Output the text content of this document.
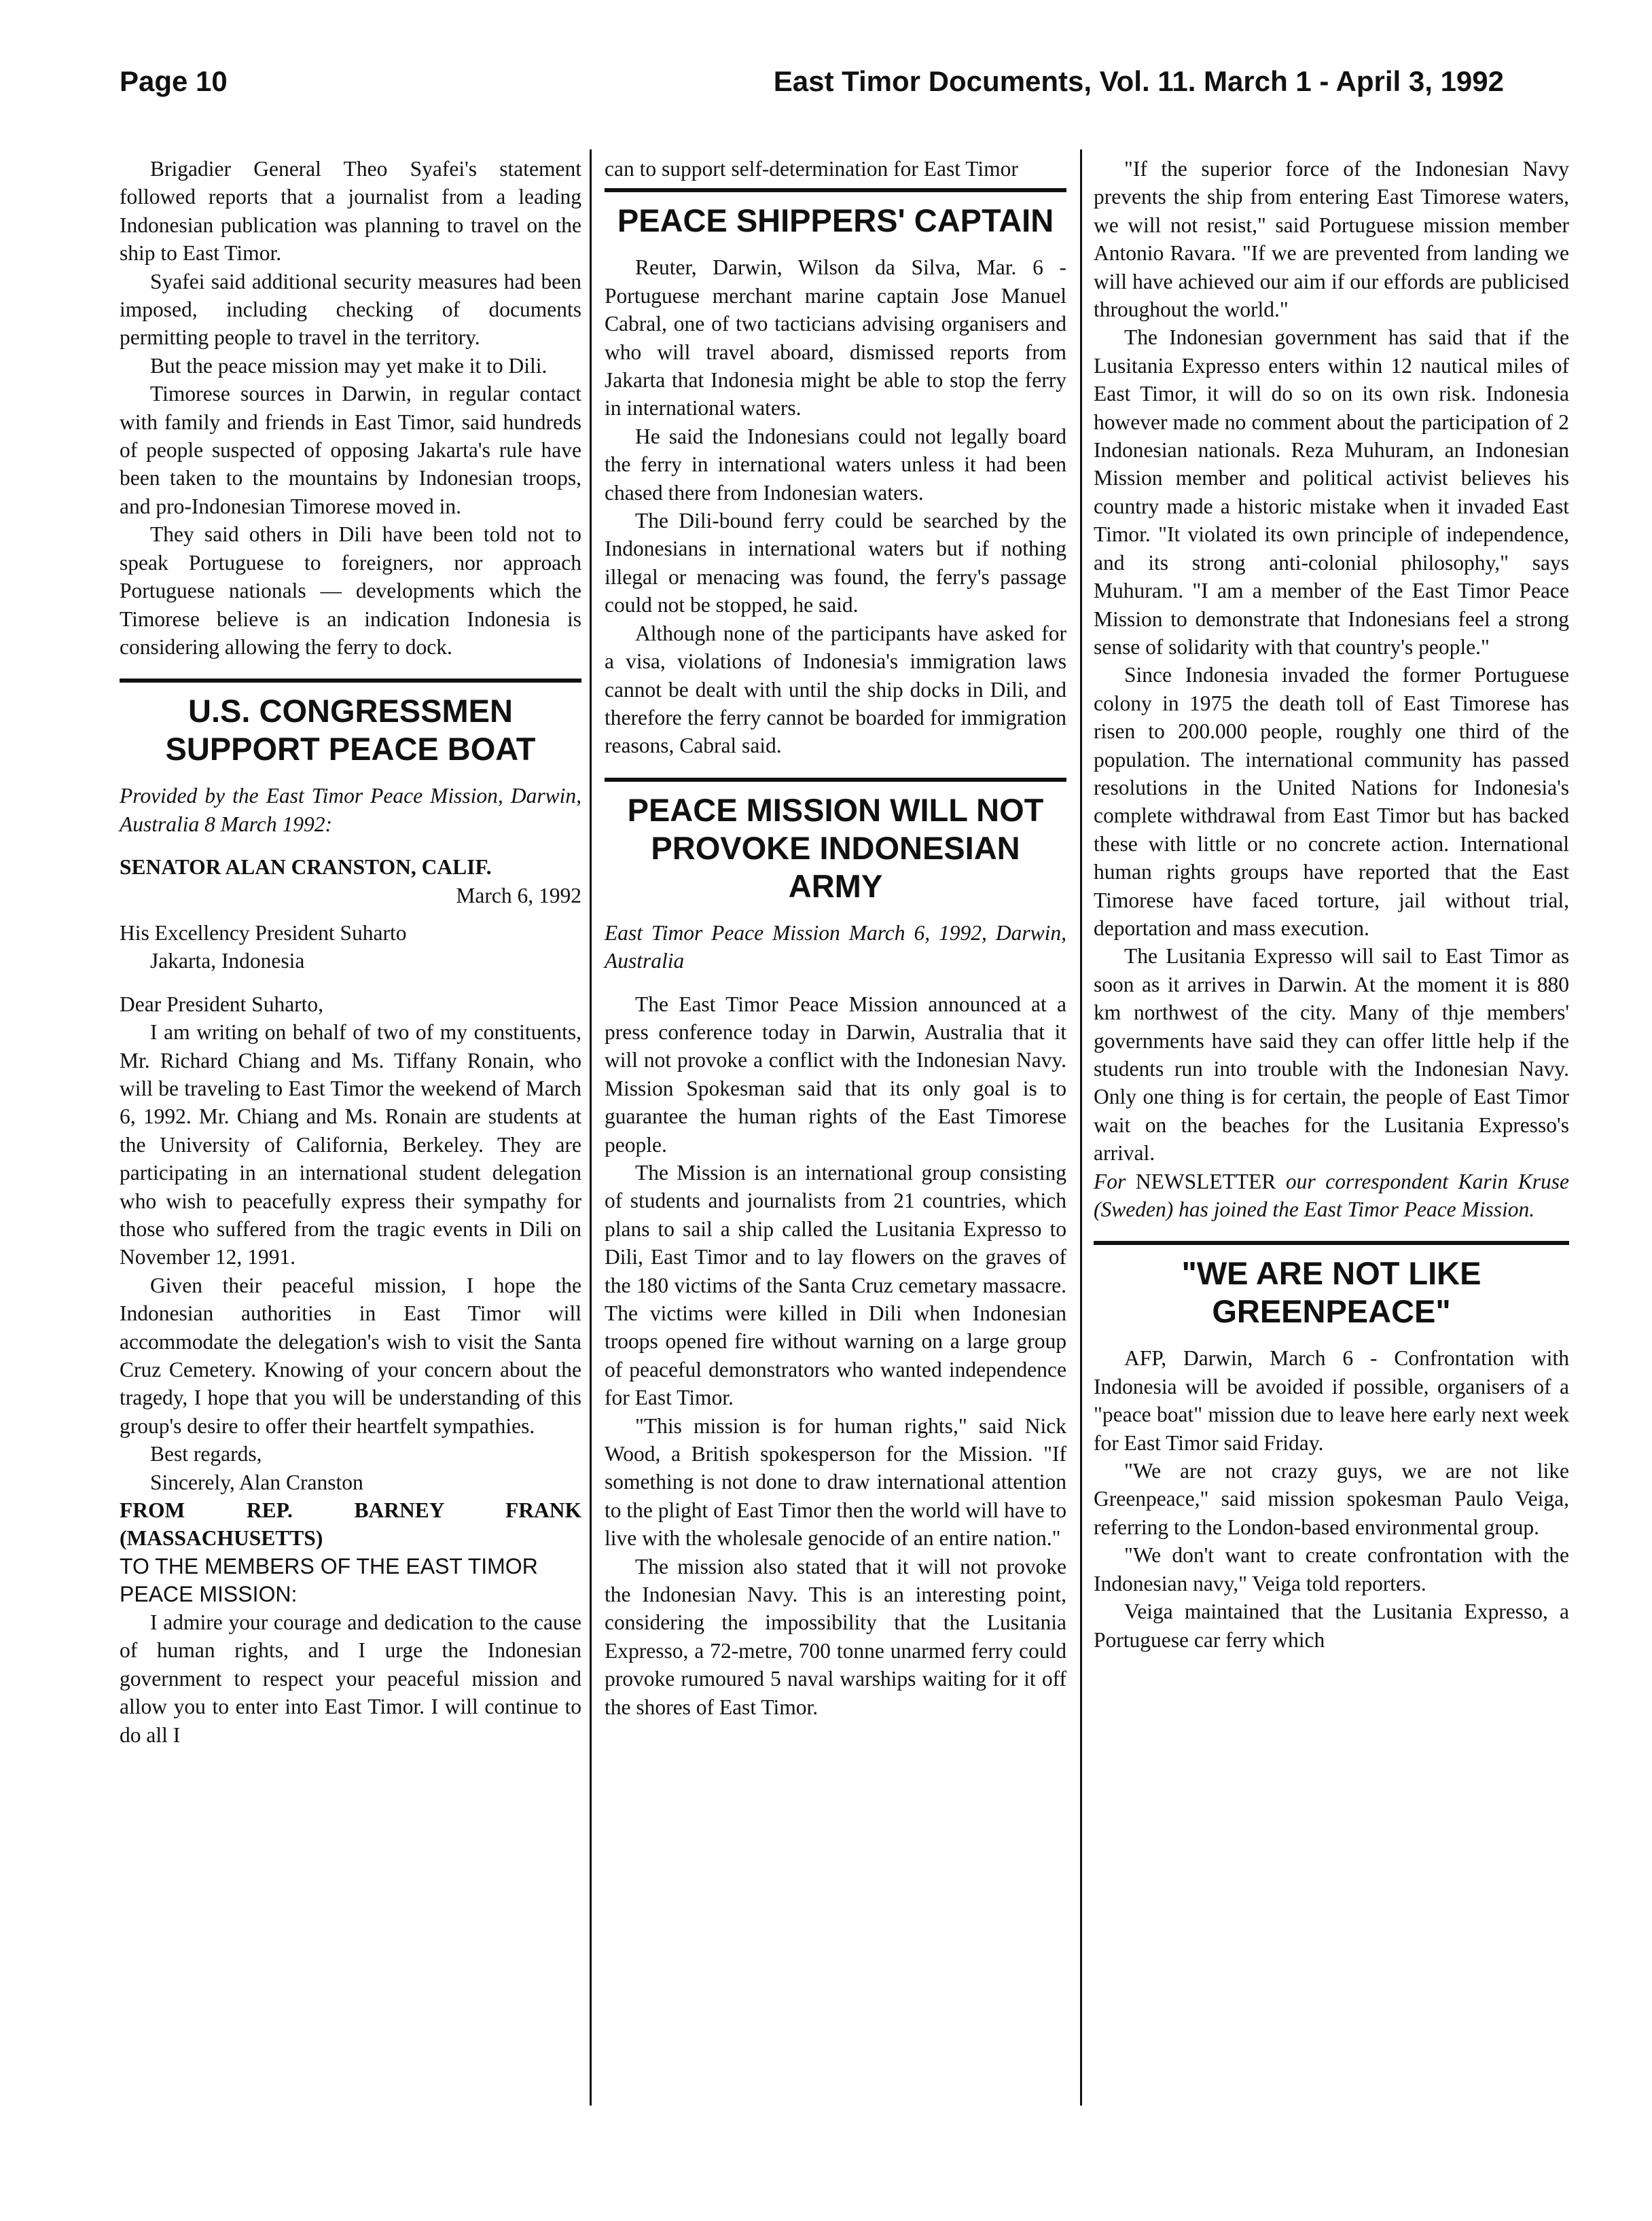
Page 10	East Timor Documents, Vol. 11. March 1 - April 3, 1992

Brigadier General Theo Syafei's statement followed reports that a journalist from a leading Indonesian publication was planning to travel on the ship to East Timor.

Syafei said additional security measures had been imposed, including checking of documents permitting people to travel in the territory.

But the peace mission may yet make it to Dili.

Timorese sources in Darwin, in regular contact with family and friends in East Timor, said hundreds of people suspected of opposing Jakarta's rule have been taken to the mountains by Indonesian troops, and pro-Indonesian Timorese moved in.

They said others in Dili have been told not to speak Portuguese to foreigners, nor approach Portuguese nationals — developments which the Timorese believe is an indication Indonesia is considering allowing the ferry to dock.

U.S. CONGRESSMEN SUPPORT PEACE BOAT

Provided by the East Timor Peace Mission, Darwin, Australia 8 March 1992:

SENATOR ALAN CRANSTON, CALIF.

March 6, 1992

His Excellency President Suharto

Jakarta, Indonesia

Dear President Suharto,

I am writing on behalf of two of my constituents, Mr. Richard Chiang and Ms. Tiffany Ronain, who will be traveling to East Timor the weekend of March 6, 1992. Mr. Chiang and Ms. Ronain are students at the University of California, Berkeley. They are participating in an international student delegation who wish to peacefully express their sympathy for those who suffered from the tragic events in Dili on November 12, 1991.

Given their peaceful mission, I hope the Indonesian authorities in East Timor will accommodate the delegation's wish to visit the Santa Cruz Cemetery. Knowing of your concern about the tragedy, I hope that you will be understanding of this group's desire to offer their heartfelt sympathies.

Best regards,

Sincerely, Alan Cranston

FROM REP. BARNEY FRANK (MASSACHUSETTS)

TO THE MEMBERS OF THE EAST TIMOR PEACE MISSION:

I admire your courage and dedication to the cause of human rights, and I urge the Indonesian government to respect your peaceful mission and allow you to enter into East Timor. I will continue to do all I

can to support self-determination for East Timor

PEACE SHIPPERS' CAPTAIN

Reuter, Darwin, Wilson da Silva, Mar. 6 - Portuguese merchant marine captain Jose Manuel Cabral, one of two tacticians advising organisers and who will travel aboard, dismissed reports from Jakarta that Indonesia might be able to stop the ferry in international waters.

He said the Indonesians could not legally board the ferry in international waters unless it had been chased there from Indonesian waters.

The Dili-bound ferry could be searched by the Indonesians in international waters but if nothing illegal or menacing was found, the ferry's passage could not be stopped, he said.

Although none of the participants have asked for a visa, violations of Indonesia's immigration laws cannot be dealt with until the ship docks in Dili, and therefore the ferry cannot be boarded for immigration reasons, Cabral said.

PEACE MISSION WILL NOT PROVOKE INDONESIAN ARMY

East Timor Peace Mission March 6, 1992, Darwin, Australia

The East Timor Peace Mission announced at a press conference today in Darwin, Australia that it will not provoke a conflict with the Indonesian Navy. Mission Spokesman said that its only goal is to guarantee the human rights of the East Timorese people.

The Mission is an international group consisting of students and journalists from 21 countries, which plans to sail a ship called the Lusitania Expresso to Dili, East Timor and to lay flowers on the graves of the 180 victims of the Santa Cruz cemetary massacre. The victims were killed in Dili when Indonesian troops opened fire without warning on a large group of peaceful demonstrators who wanted independence for East Timor.

"This mission is for human rights," said Nick Wood, a British spokesperson for the Mission. "If something is not done to draw international attention to the plight of East Timor then the world will have to live with the wholesale genocide of an entire nation."

The mission also stated that it will not provoke the Indonesian Navy. This is an interesting point, considering the impossibility that the Lusitania Expresso, a 72-metre, 700 tonne unarmed ferry could provoke rumoured 5 naval warships waiting for it off the shores of East Timor.

"If the superior force of the Indonesian Navy prevents the ship from entering East Timorese waters, we will not resist," said Portuguese mission member Antonio Ravara. "If we are prevented from landing we will have achieved our aim if our effords are publicised throughout the world."

The Indonesian government has said that if the Lusitania Expresso enters within 12 nautical miles of East Timor, it will do so on its own risk. Indonesia however made no comment about the participation of 2 Indonesian nationals. Reza Muhuram, an Indonesian Mission member and political activist believes his country made a historic mistake when it invaded East Timor. "It violated its own principle of independence, and its strong anti-colonial philosophy," says Muhuram. "I am a member of the East Timor Peace Mission to demonstrate that Indonesians feel a strong sense of solidarity with that country's people."

Since Indonesia invaded the former Portuguese colony in 1975 the death toll of East Timorese has risen to 200.000 people, roughly one third of the population. The international community has passed resolutions in the United Nations for Indonesia's complete withdrawal from East Timor but has backed these with little or no concrete action. International human rights groups have reported that the East Timorese have faced torture, jail without trial, deportation and mass execution.

The Lusitania Expresso will sail to East Timor as soon as it arrives in Darwin. At the moment it is 880 km northwest of the city. Many of thje members' governments have said they can offer little help if the students run into trouble with the Indonesian Navy. Only one thing is for certain, the people of East Timor wait on the beaches for the Lusitania Expresso's arrival.

For NEWSLETTER our correspondent Karin Kruse (Sweden) has joined the East Timor Peace Mission.

"WE ARE NOT LIKE GREENPEACE"

AFP, Darwin, March 6 - Confrontation with Indonesia will be avoided if possible, organisers of a "peace boat" mission due to leave here early next week for East Timor said Friday.

"We are not crazy guys, we are not like Greenpeace," said mission spokesman Paulo Veiga, referring to the London-based environmental group.

"We don't want to create confrontation with the Indonesian navy," Veiga told reporters.

Veiga maintained that the Lusitania Expresso, a Portuguese car ferry which
